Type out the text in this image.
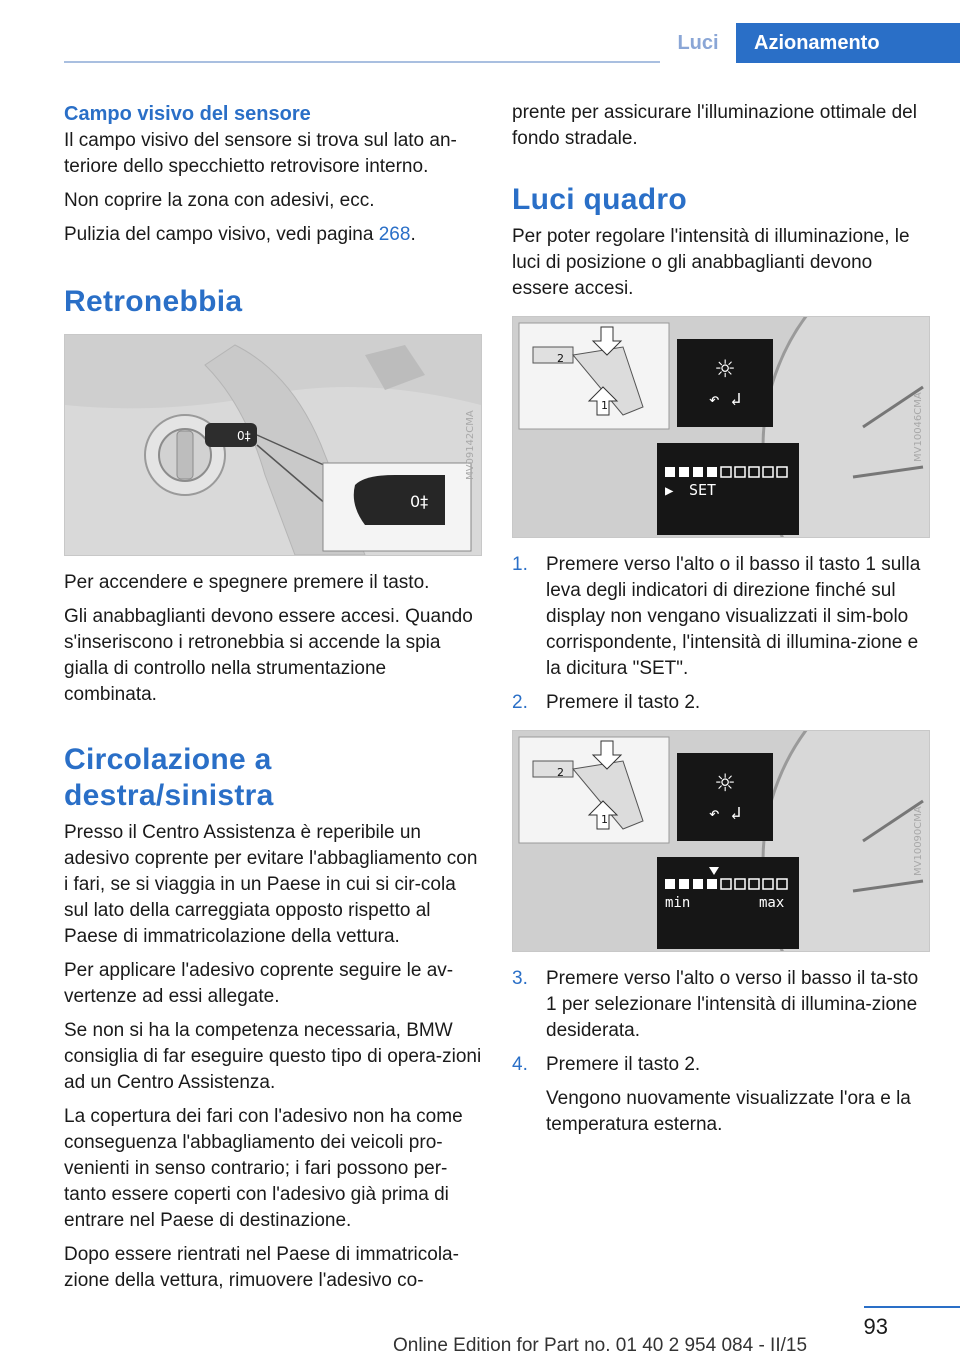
Luci	Azionamento
Campo visivo del sensore

Il campo visivo del sensore si trova sul lato an-teriore dello specchietto retrovisore interno.

Non coprire la zona con adesivi, ecc.

Pulizia del campo visivo, vedi pagina 268.

Retronebbia
0‡
0‡
MV09142CMA

Per accendere e spegnere premere il tasto.

Gli anabbaglianti devono essere accesi. Quando s'inseriscono i retronebbia si accende la spia gialla di controllo nella strumentazione combinata.

Circolazione a destra/sinistra

Presso il Centro Assistenza è reperibile un adesivo coprente per evitare l'abbagliamento con i fari, se si viaggia in un Paese in cui si cir-cola sul lato della carreggiata opposto rispetto al Paese di immatricolazione della vettura.

Per applicare l'adesivo coprente seguire le av-vertenze ad essi allegate.

Se non si ha la competenza necessaria, BMW consiglia di far eseguire questo tipo di opera-zioni ad un Centro Assistenza.

La copertura dei fari con l'adesivo non ha come conseguenza l'abbagliamento dei veicoli pro-venienti in senso contrario; i fari possono per-tanto essere coperti con l'adesivo già prima di entrare nel Paese di destinazione.

Dopo essere rientrati nel Paese di immatricola-zione della vettura, rimuovere l'adesivo co-

prente per assicurare l'illuminazione ottimale del fondo stradale.

Luci quadro

Per poter regolare l'intensità di illuminazione, le luci di posizione o gli anabbaglianti devono essere accesi.

☼
↶ ↲
▶ SET
2
1	MV10046CMA
1. Premere verso l'alto o il basso il tasto 1 sulla leva degli indicatori di direzione finché sul display non vengano visualizzati il sim-bolo corrispondente, l'intensità di illumina-zione e la dicitura "SET".
2. Premere il tasto 2.
☼
↶ ↲
min	max
2
1	MV10090CMA
3. Premere verso l'alto o verso il basso il ta-sto 1 per selezionare l'intensità di illumina-zione desiderata.
4. Premere il tasto 2.

Vengono nuovamente visualizzate l'ora e la temperatura esterna.

93
Online Edition for Part no. 01 40 2 954 084 - II/15
